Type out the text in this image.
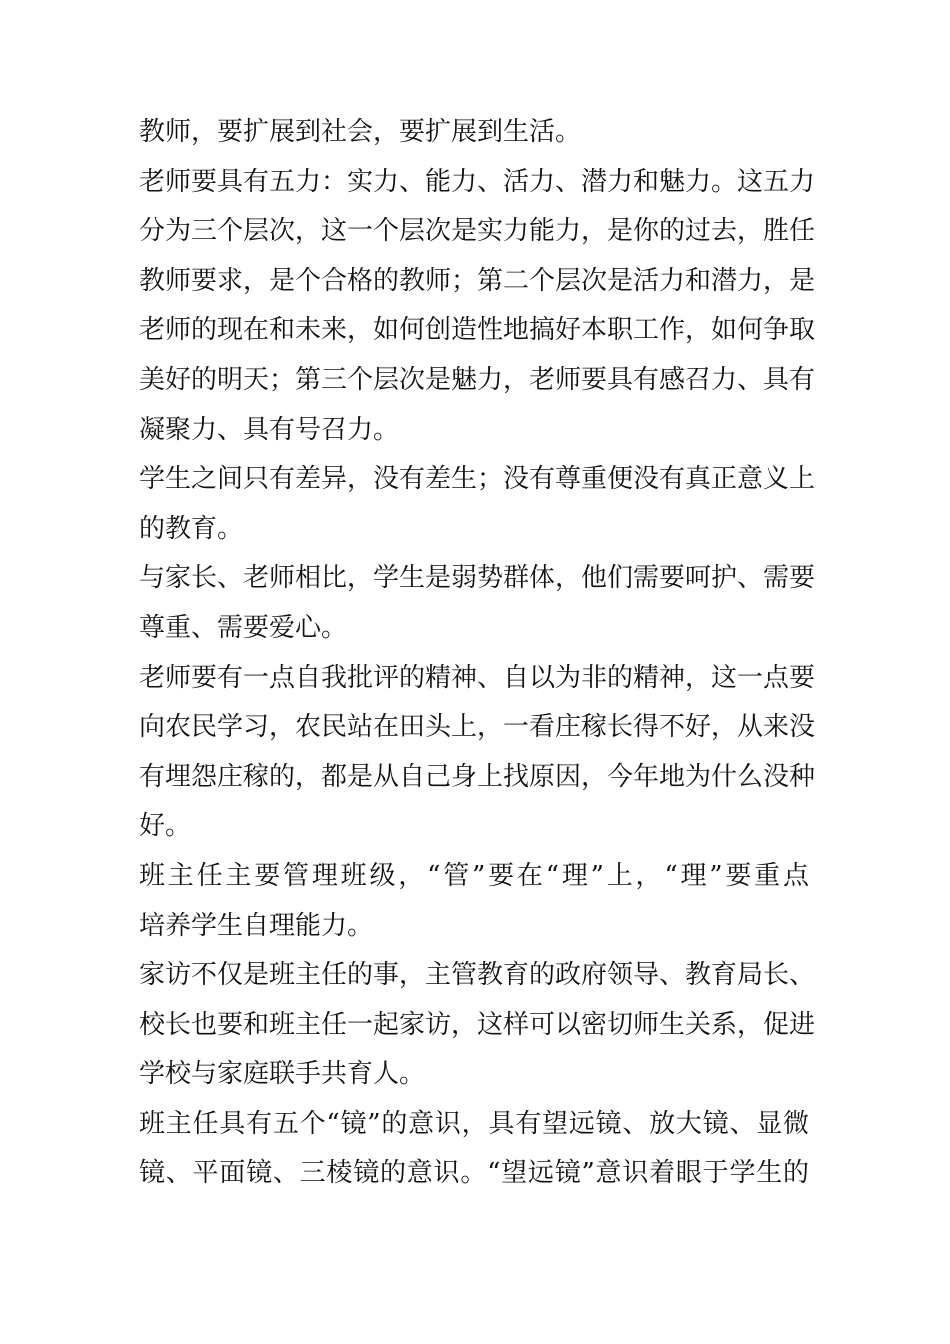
教师，要扩展到社会，要扩展到生活。
老师要具有五力：实力、能力、活力、潜力和魅力。这五力
分为三个层次，这一个层次是实力能力，是你的过去，胜任
教师要求，是个合格的教师；第二个层次是活力和潜力，是
老师的现在和未来，如何创造性地搞好本职工作，如何争取
美好的明天；第三个层次是魅力，老师要具有感召力、具有
凝聚力、具有号召力。
学生之间只有差异，没有差生；没有尊重便没有真正意义上
的教育。
与家长、老师相比，学生是弱势群体，他们需要呵护、需要
尊重、需要爱心。
老师要有一点自我批评的精神、自以为非的精神，这一点要
向农民学习，农民站在田头上，一看庄稼长得不好，从来没
有埋怨庄稼的，都是从自己身上找原因，今年地为什么没种
好。
班主任主要管理班级，“管”要在“理”上，“理”要重点
培养学生自理能力。
家访不仅是班主任的事，主管教育的政府领导、教育局长、
校长也要和班主任一起家访，这样可以密切师生关系，促进
学校与家庭联手共育人。
班主任具有五个“镜”的意识，具有望远镜、放大镜、显微
镜、平面镜、三棱镜的意识。“望远镜”意识着眼于学生的
